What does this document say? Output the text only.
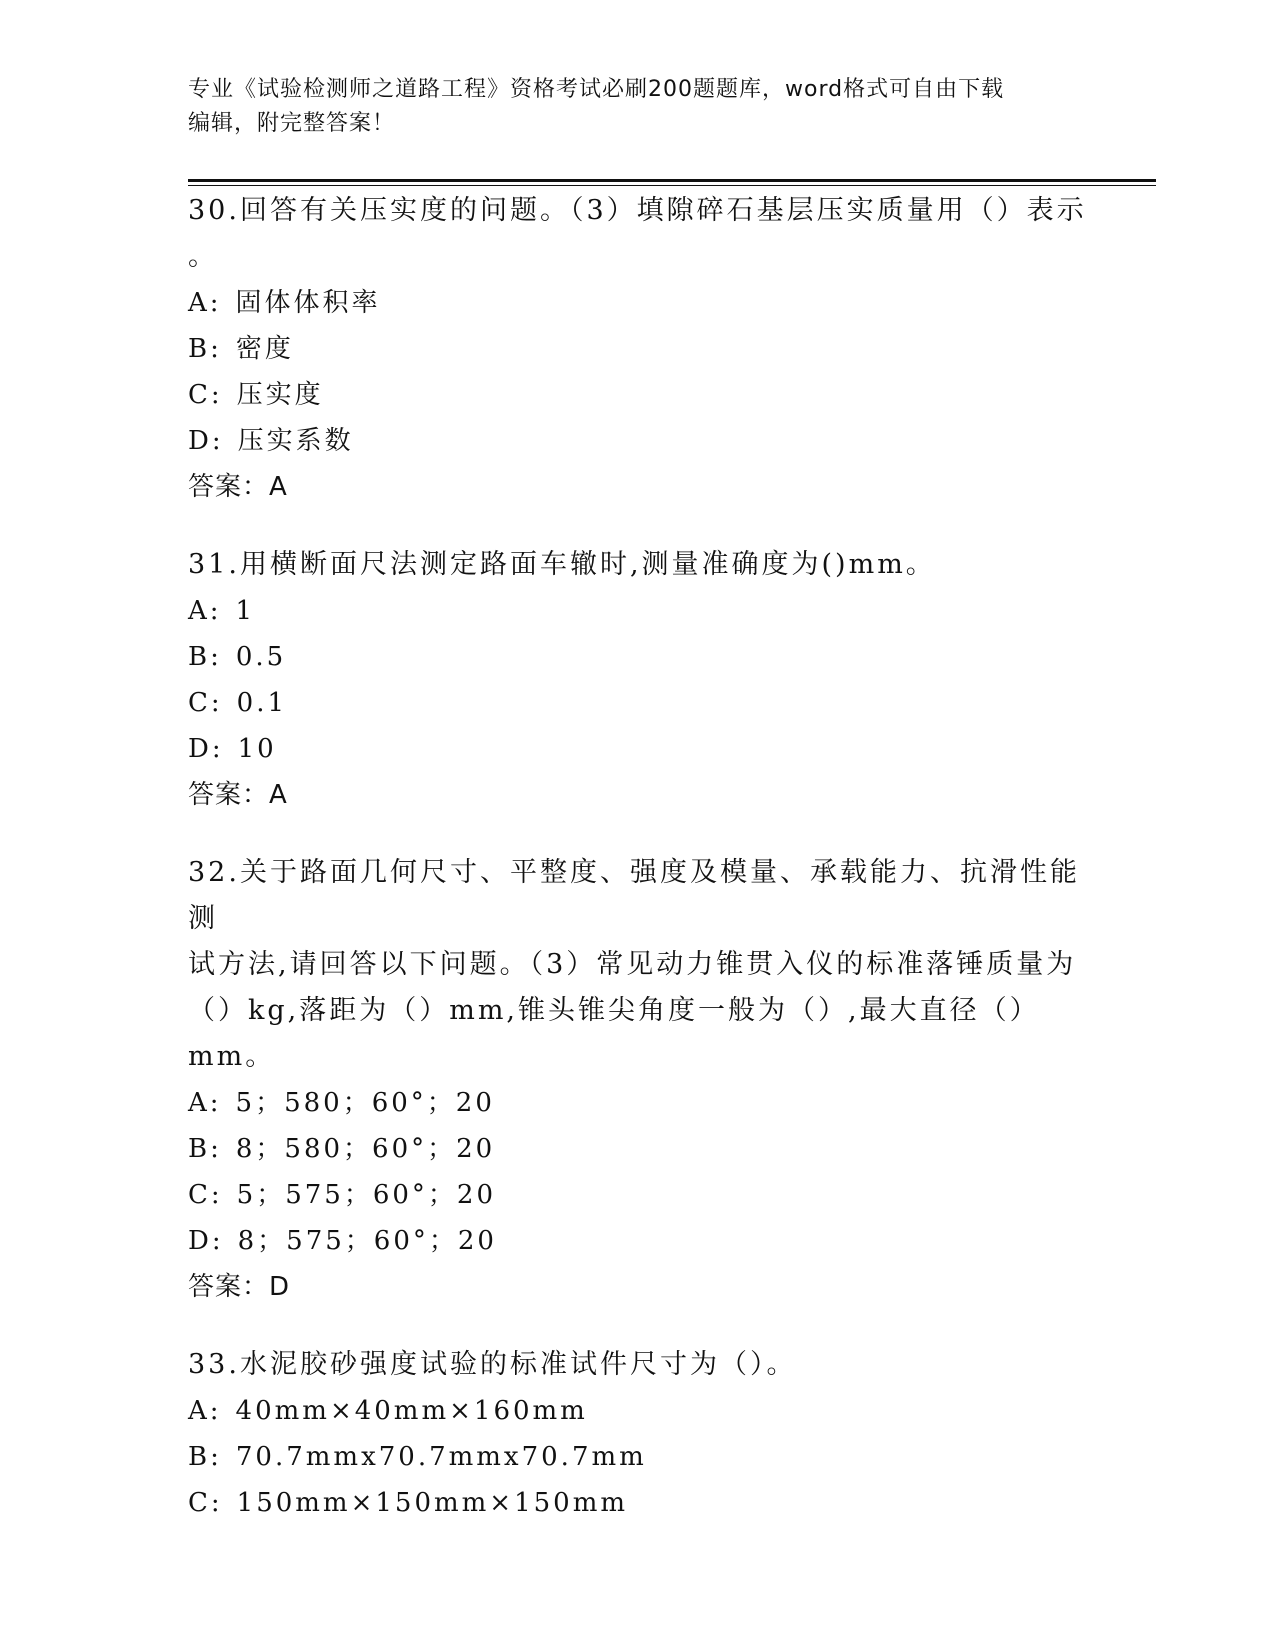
专业《试验检测师之道路工程》资格考试必刷200题题库，word格式可自由下载
编辑，附完整答案！

30.回答有关压实度的问题。（3）填隙碎石基层压实质量用（）表示

。

A: 固体体积率

B: 密度

C: 压实度

D: 压实系数

答案：A

31.用横断面尺法测定路面车辙时,测量准确度为()mm。

A: 1

B: 0.5

C: 0.1

D: 10

答案：A

32.关于路面几何尺寸、平整度、强度及模量、承载能力、抗滑性能测

试方法,请回答以下问题。（3）常见动力锥贯入仪的标准落锤质量为

（）kg,落距为（）mm,锥头锥尖角度一般为（）,最大直径（）mm。

A: 5；580；60°；20

B: 8；580；60°；20

C: 5；575；60°；20

D: 8；575；60°；20

答案：D

33.水泥胶砂强度试验的标准试件尺寸为（）。

A: 40mm×40mm×160mm

B: 70.7mmx70.7mmx70.7mm

C: 150mm×150mm×150mm
